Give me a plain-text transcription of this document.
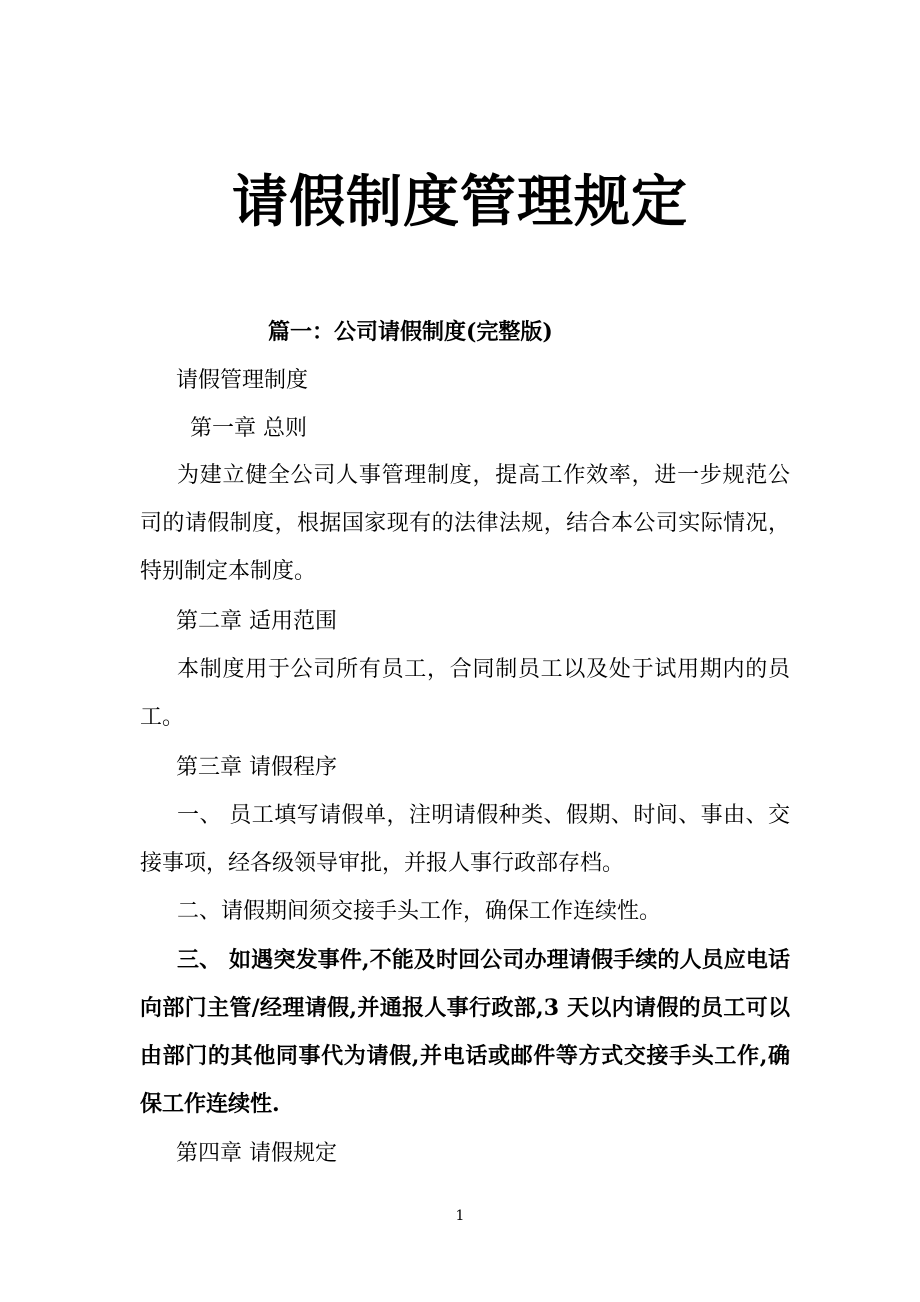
请假制度管理规定
篇一：公司请假制度(完整版)
请假管理制度
第一章 总则

为建立健全公司人事管理制度，提高工作效率，进一步规范公司的请假制度，根据国家现有的法律法规，结合本公司实际情况，特别制定本制度。

第二章 适用范围

本制度用于公司所有员工，合同制员工以及处于试用期内的员工。

第三章 请假程序

一、 员工填写请假单，注明请假种类、假期、时间、事由、交接事项，经各级领导审批，并报人事行政部存档。

二、请假期间须交接手头工作，确保工作连续性。

三、 如遇突发事件,不能及时回公司办理请假手续的人员应电话向部门主管/经理请假,并通报人事行政部,3 天以内请假的员工可以由部门的其他同事代为请假,并电话或邮件等方式交接手头工作,确保工作连续性.

第四章 请假规定
1
